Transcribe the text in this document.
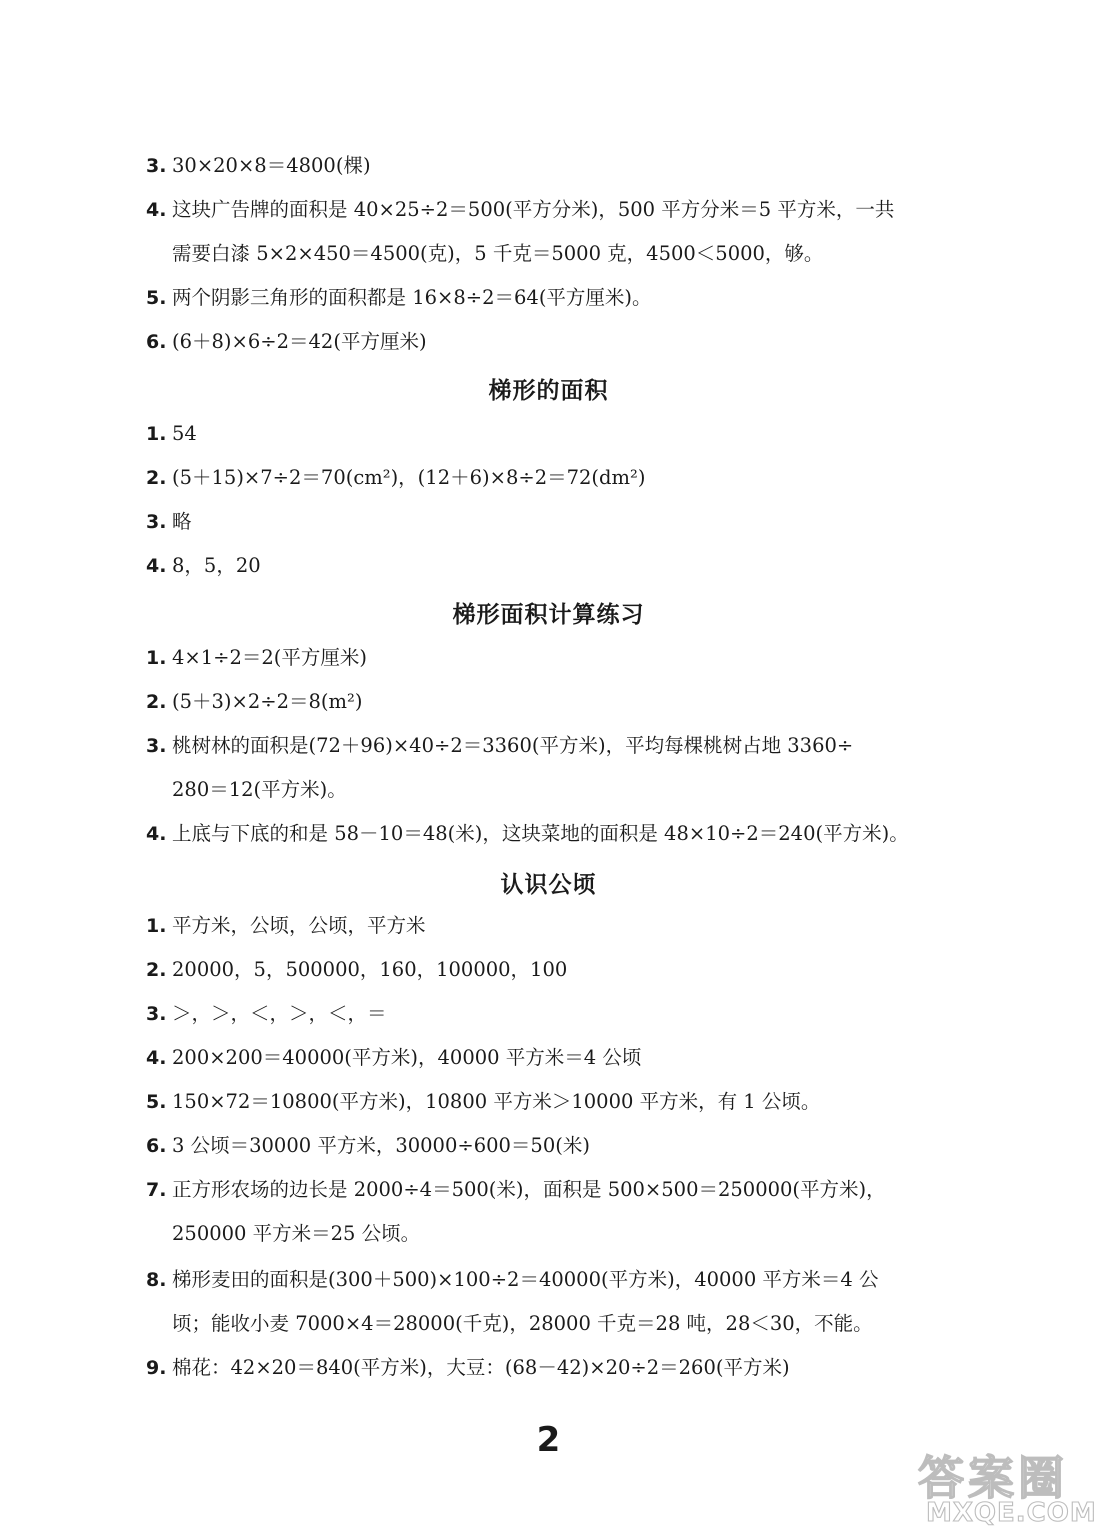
3. 30×20×8＝4800(棵)
4. 这块广告牌的面积是 40×25÷2＝500(平方分米)，500 平方分米＝5 平方米，一共
需要白漆 5×2×450＝4500(克)，5 千克＝5000 克，4500＜5000，够。
5. 两个阴影三角形的面积都是 16×8÷2＝64(平方厘米)。
6. (6＋8)×6÷2＝42(平方厘米)
梯形的面积
1. 54
2. (5＋15)×7÷2＝70(cm²)，(12＋6)×8÷2＝72(dm²)
3. 略
4. 8，5，20
梯形面积计算练习
1. 4×1÷2＝2(平方厘米)
2. (5＋3)×2÷2＝8(m²)
3. 桃树林的面积是(72＋96)×40÷2＝3360(平方米)，平均每棵桃树占地 3360÷
280＝12(平方米)。
4. 上底与下底的和是 58－10＝48(米)，这块菜地的面积是 48×10÷2＝240(平方米)。
认识公顷
1. 平方米，公顷，公顷，平方米
2. 20000，5，500000，160，100000，100
3. ＞，＞，＜，＞，＜，＝
4. 200×200＝40000(平方米)，40000 平方米＝4 公顷
5. 150×72＝10800(平方米)，10800 平方米＞10000 平方米，有 1 公顷。
6. 3 公顷＝30000 平方米，30000÷600＝50(米)
7. 正方形农场的边长是 2000÷4＝500(米)，面积是 500×500＝250000(平方米)，
250000 平方米＝25 公顷。
8. 梯形麦田的面积是(300＋500)×100÷2＝40000(平方米)，40000 平方米＝4 公
顷；能收小麦 7000×4＝28000(千克)，28000 千克＝28 吨，28＜30，不能。
9. 棉花：42×20＝840(平方米)，大豆：(68－42)×20÷2＝260(平方米)
2
答案圈
MXQE.COM
